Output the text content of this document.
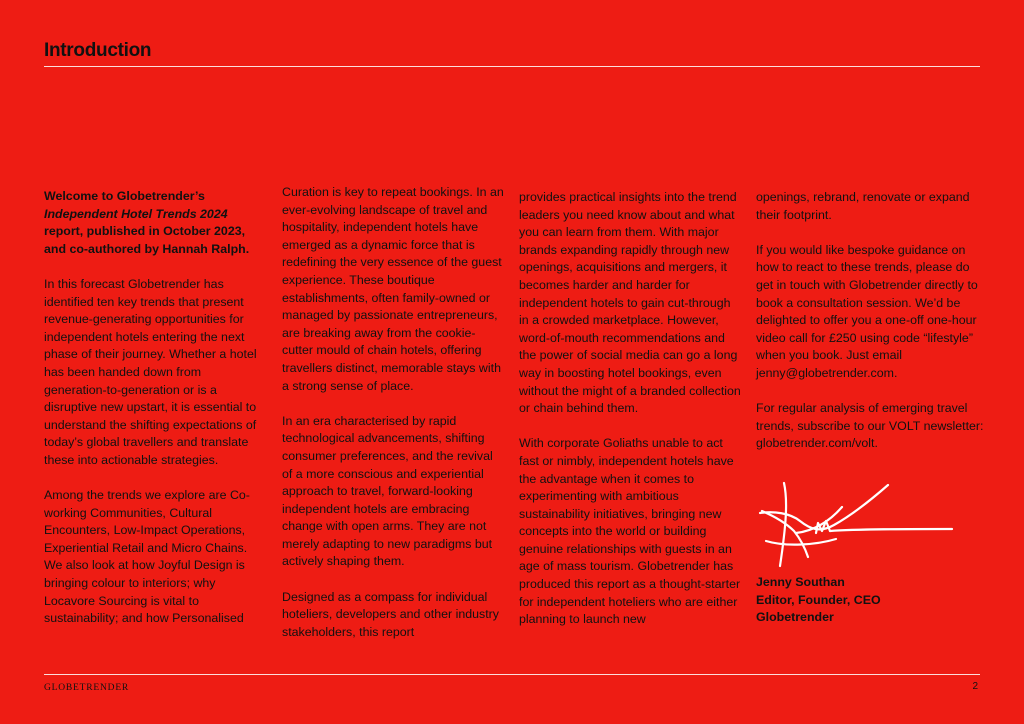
Introduction

Welcome to Globetrender’s Independent Hotel Trends 2024 report, published in October 2023, and co-authored by Hannah Ralph.

In this forecast Globetrender has identified ten key trends that present revenue-generating opportunities for independent hotels entering the next phase of their journey. Whether a hotel has been handed down from generation-to-generation or is a disruptive new upstart, it is essential to understand the shifting expectations of today’s global travellers and translate these into actionable strategies.

Among the trends we explore are Co-working Communities, Cultural Encounters, Low-Impact Operations, Experiential Retail and Micro Chains. We also look at how Joyful Design is bringing colour to interiors; why Locavore Sourcing is vital to sustainability; and how Personalised

Curation is key to repeat bookings. In an ever-evolving landscape of travel and hospitality, independent hotels have emerged as a dynamic force that is redefining the very essence of the guest experience. These boutique establishments, often family-owned or managed by passionate entrepreneurs, are breaking away from the cookie-cutter mould of chain hotels, offering travellers distinct, memorable stays with a strong sense of place.

In an era characterised by rapid technological advancements, shifting consumer preferences, and the revival of a more conscious and experiential approach to travel, forward-looking independent hotels are embracing change with open arms. They are not merely adapting to new paradigms but actively shaping them.

Designed as a compass for individual hoteliers, developers and other industry stakeholders, this report

provides practical insights into the trend leaders you need know about and what you can learn from them. With major brands expanding rapidly through new openings, acquisitions and mergers, it becomes harder and harder for independent hotels to gain cut-through in a crowded marketplace. However, word-of-mouth recommendations and the power of social media can go a long way in boosting hotel bookings, even without the might of a branded collection or chain behind them.

With corporate Goliaths unable to act fast or nimbly, independent hotels have the advantage when it comes to experimenting with ambitious sustainability initiatives, bringing new concepts into the world or building genuine relationships with guests in an age of mass tourism. Globetrender has produced this report as a thought-starter for independent hoteliers who are either planning to launch new

openings, rebrand, renovate or expand their footprint.

If you would like bespoke guidance on how to react to these trends, please do get in touch with Globetrender directly to book a consultation session. We’d be delighted to offer you a one-off one-hour video call for £250 using code “lifestyle” when you book. Just email jenny@globetrender.com.

For regular analysis of emerging travel trends, subscribe to our VOLT newsletter: globetrender.com/volt.

Jenny Southan
Editor, Founder, CEO
Globetrender
GLOBETRENDER	2
